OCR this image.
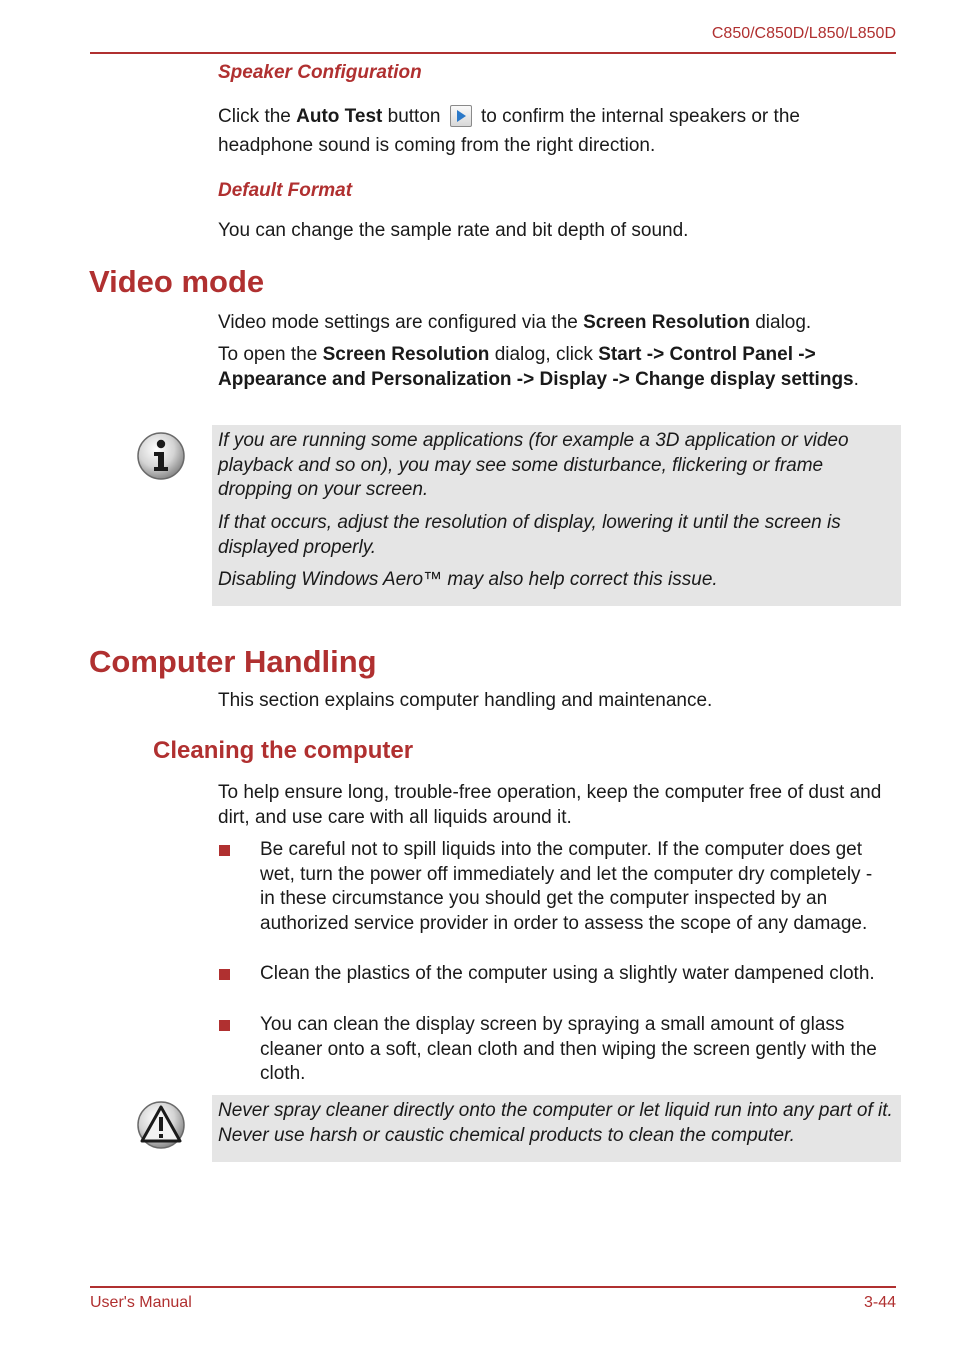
C850/C850D/L850/L850D
Speaker Configuration
Click the Auto Test button
to confirm the internal speakers or the headphone sound is coming from the right direction.
Default Format
You can change the sample rate and bit depth of sound.
Video mode
Video mode settings are configured via the Screen Resolution dialog.
To open the Screen Resolution dialog, click Start -> Control Panel -> Appearance and Personalization -> Display -> Change display settings.
If you are running some applications (for example a 3D application or video playback and so on), you may see some disturbance, flickering or frame dropping on your screen.
If that occurs, adjust the resolution of display, lowering it until the screen is displayed properly.
Disabling Windows Aero™ may also help correct this issue.
Computer Handling
This section explains computer handling and maintenance.
Cleaning the computer
To help ensure long, trouble-free operation, keep the computer free of dust and dirt, and use care with all liquids around it.
Be careful not to spill liquids into the computer. If the computer does get wet, turn the power off immediately and let the computer dry completely - in these circumstance you should get the computer inspected by an authorized service provider in order to assess the scope of any damage.
Clean the plastics of the computer using a slightly water dampened cloth.
You can clean the display screen by spraying a small amount of glass cleaner onto a soft, clean cloth and then wiping the screen gently with the cloth.
Never spray cleaner directly onto the computer or let liquid run into any part of it. Never use harsh or caustic chemical products to clean the computer.
User's Manual	3-44
